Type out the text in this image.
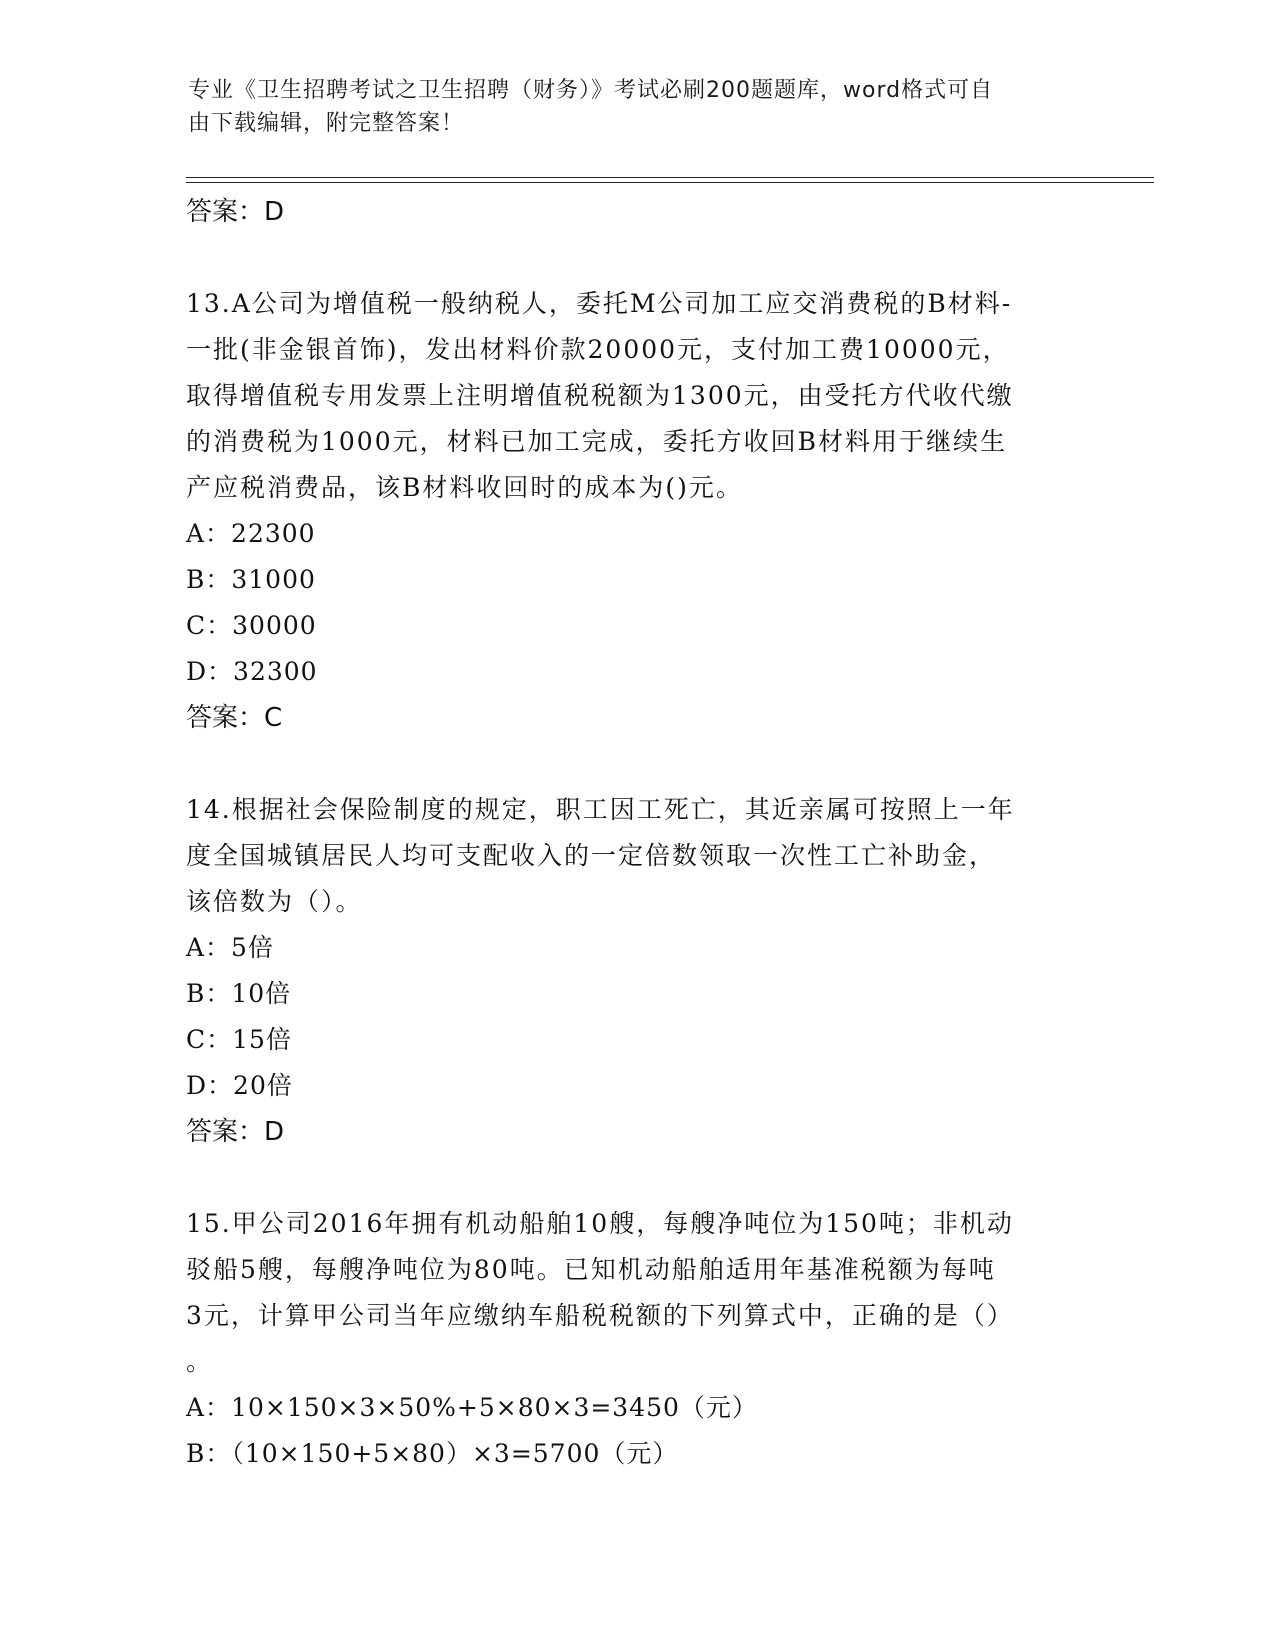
专业《卫生招聘考试之卫生招聘（财务）》考试必刷200题题库，word格式可自
由下载编辑，附完整答案！
答案：D
13.A公司为增值税一般纳税人，委托M公司加工应交消费税的B材料-
一批(非金银首饰)，发出材料价款20000元，支付加工费10000元，
取得增值税专用发票上注明增值税税额为1300元，由受托方代收代缴
的消费税为1000元，材料已加工完成，委托方收回B材料用于继续生
产应税消费品，该B材料收回时的成本为()元。
A：22300
B：31000
C：30000
D：32300
答案：C
14.根据社会保险制度的规定，职工因工死亡，其近亲属可按照上一年
度全国城镇居民人均可支配收入的一定倍数领取一次性工亡补助金，
该倍数为（）。
A：5倍
B：10倍
C：15倍
D：20倍
答案：D
15.甲公司2016年拥有机动船舶10艘，每艘净吨位为150吨；非机动
驳船5艘，每艘净吨位为80吨。已知机动船舶适用年基准税额为每吨
3元，计算甲公司当年应缴纳车船税税额的下列算式中，正确的是（）
。
A：10×150×3×50%+5×80×3=3450（元）
B：（10×150+5×80）×3=5700（元）
